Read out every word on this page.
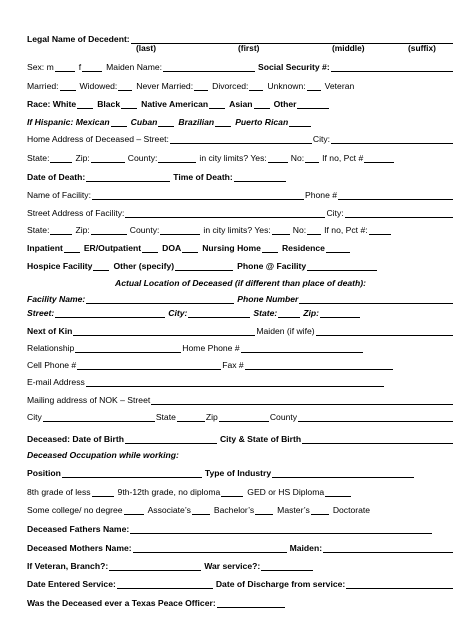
Legal Name of Decedent:
(last)	(first)	(middle)	(suffix)
Sex: m	f	Maiden Name:	Social Security #:
Married: Widowed: Never Married: Divorced: Unknown: Veteran
Race: White Black Native American Asian Other
If Hispanic: Mexican Cuban Brazilian Puerto Rican
Home Address of Deceased – Street:	City:
State:	Zip:	County:	in city limits? Yes:	No: If no, Pct #
Date of Death:	Time of Death:
Name of Facility:	Phone #
Street Address of Facility:	City:
State:	Zip:	County:	in city limits? Yes:	No: If no, Pct #:
Inpatient ER/Outpatient DOA Nursing Home Residence
Hospice Facility Other (specify)	Phone @ Facility
Actual Location of Deceased (if different than place of death):
Facility Name:	Phone Number
Street:	City:	State:	Zip:
Next of Kin	Maiden (if wife)
Relationship	Home Phone #
Cell Phone #	Fax #
E-mail Address
Mailing address of NOK – Street
City	State	Zip	County
Deceased: Date of Birth	City & State of Birth
Deceased Occupation while working:
Position	Type of Industry
8th grade of less	9th-12th grade, no diploma	GED or HS Diploma
Some college/ no degree	Associate’s	Bachelor’s	Master’s	Doctorate
Deceased Fathers Name:
Deceased Mothers Name:	Maiden:
If Veteran, Branch?:	War service?:
Date Entered Service:	Date of Discharge from service:
Was the Deceased ever a Texas Peace Officer:
